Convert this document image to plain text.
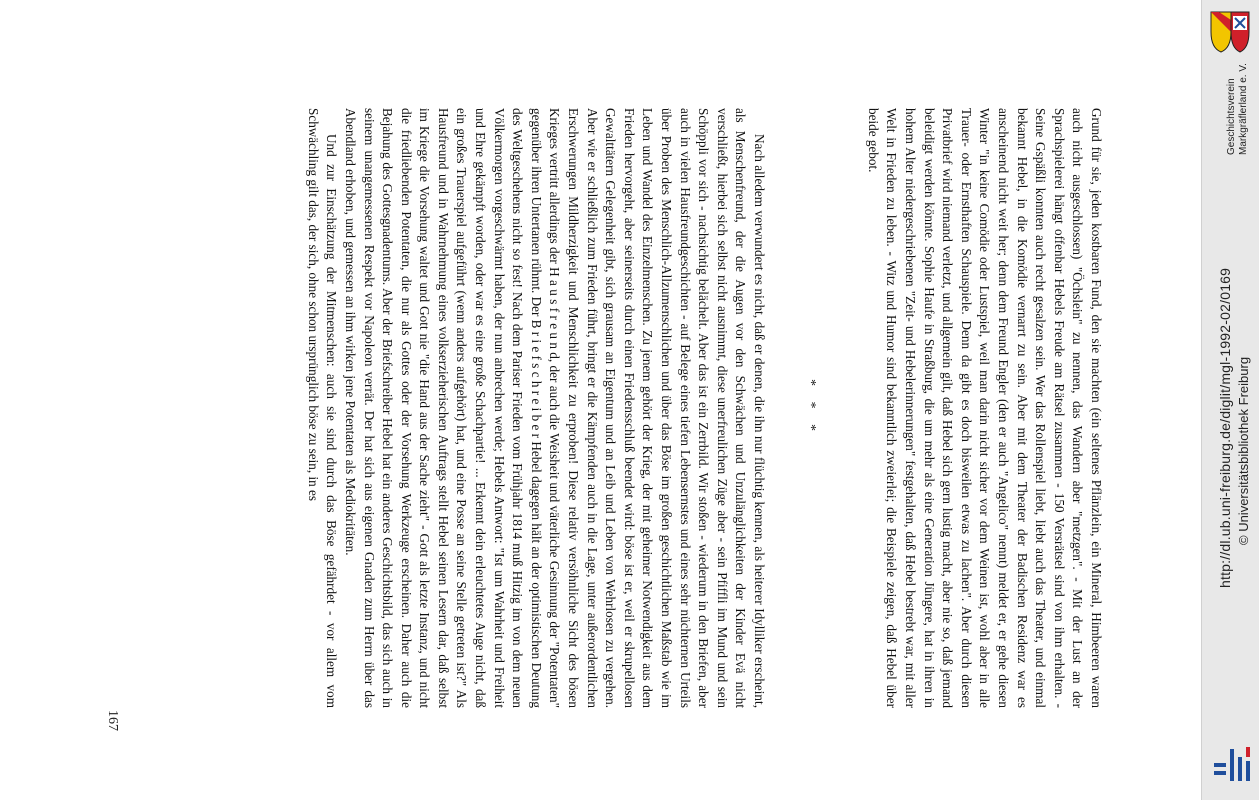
Grund für sie, jeden kostbaren Fund, den sie machten (ein seltenes Pflänzlein, ein Mineral, Himbeeren waren auch nicht ausgeschlossen) "Öchslein" zu nennen, das Wandern aber "metzgen". - Mit der Lust an der Sprachspielerei hängt offenbar Hebels Freude am Rätsel zusammen - 150 Versrätsel sind von ihm erhalten. - Seine Gspäßli konnten auch recht gesalzen sein. Wer das Rollenspiel liebt, liebt auch das Theater, und einmal bekannt Hebel, in die Komödie vernarrt zu sein. Aber mit dem Theater der Badischen Residenz war es anscheinend nicht weit her; denn dem Freund Engler (den er auch "Angelico" nennt) meldet er, er gehe diesen Winter "in keine Comödie oder Lustspiel, weil man darin nicht sicher vor dem Weinen ist, wohl aber in alle Trauer- oder Ernsthaften Schauspiele. Denn da gibt es doch bisweilen etwas zu lachen". Aber durch diesen Privatbrief wird niemand verletzt, und allgemein gilt, daß Hebel sich gern lustig macht, aber nie so, daß jemand beleidigt werden könnte. Sophie Haufe in Straßburg, die um mehr als eine Generation Jüngere, hat in ihren in hohem Alter niedergeschriebenen "Zeit- und Hebelerinnerungen" festgehalten, daß Hebel bestrebt war, mit aller Welt in Frieden zu leben. - Witz und Humor sind bekanntlich zweierlei; die Beispiele zeigen, daß Hebel über beide gebot.

* * *

Nach alledem verwundert es nicht, daß er denen, die ihn nur flüchtig kennen, als heiterer Idylliker erscheint, als Menschenfreund, der die Augen vor den Schwächen und Unzulänglichkeiten der Kinder Evä nicht verschließt, hierbei sich selbst nicht ausnimmt, diese unerfreulichen Züge aber - sein Pfiffli im Mund und sein Schöppli vor sich - nachsichtig belächelt. Aber das ist ein Zerrbild. Wir stoßen - wiederum in den Briefen, aber auch in vielen Hausfreundgeschichten - auf Belege eines tiefen Lebensernstes und eines sehr nüchternen Urteils über Proben des Menschlich-Allzumenschlichen und über das Böse im großen geschichtlichen Maßstab wie im Leben und Wandel des Einzelmenschen. Zu jenem gehört der Krieg, der mit geheimer Notwendigkeit aus dem Frieden hervorgeht, aber seinerseits durch einen Friedensschluß beendet wird: böse ist er, weil er skrupellosen Gewalttätern Gelegenheit gibt, sich grausam an Eigentum und an Leib und Leben von Wehrlosen zu vergehen. Aber wie er schließlich zum Frieden führt, bringt er die Kämpfenden auch in die Lage, unter außerordentlichen Erschwerungen Mildherzigkeit und Menschlichkeit zu erproben! Diese relativ versöhnliche Sicht des bösen Krieges vertritt allerdings der H a u s f r e u n d, der auch die Weisheit und väterliche Gesinnung der "Potentaten" gegenüber ihren Untertanen rühmt. Der B r i e f s c h r e i b e r Hebel dagegen hält an der optimistischen Deutung des Weltgeschehens nicht so fest! Nach dem Pariser Frieden vom Frühjahr 1814 muß Hitzig im von dem neuen Völkermorgen vorgeschwärmt haben, der nun anbrechen werde; Hebels Antwort: "Ist um Wahrheit und Freiheit und Ehre gekämpft worden, oder war es eine große Schachpartie! ... Erkennt dein erleuchtetes Auge nicht, daß ein großes Trauerspiel aufgeführt (wenn anders aufgehört) hat, und eine Posse an seine Stelle getreten ist?" Als Hausfreund und in Wahrnehmung eines volkserzieherischen Auftrags stellt Hebel seinen Lesern dar, daß selbst im Kriege die Vorsehung waltet und Gott nie "die Hand aus der Sache zieht" - Gott als letzte Instanz, und nicht die friedliebenden Potentaten, die nur als Gottes oder der Vorsehung Werkzeuge erscheinen. Daher auch die Bejahung des Gottesgnadentums. Aber der Briefschreiber Hebel hat ein anderes Geschichtsbild, das sich auch in seinem unangemessenen Respekt vor Napoleon verrät. Der hat sich aus eigenen Gnaden zum Herrn über das Abendland erhoben, und gemessen an ihm wirken jene Potentaten als Mediokritäten.

Und zur Einschätzung der Mitmenschen: auch sie sind durch das Böse gefährdet - vor allem vom Schwächling gilt das, der sich, ohne schon ursprünglich böse zu sein, in es

167
Geschichtsverein Markgräflerland e. V.
http://dl.ub.uni-freiburg.de/diglit/mgl-1992-02/0169 © Universitätsbibliothek Freiburg
